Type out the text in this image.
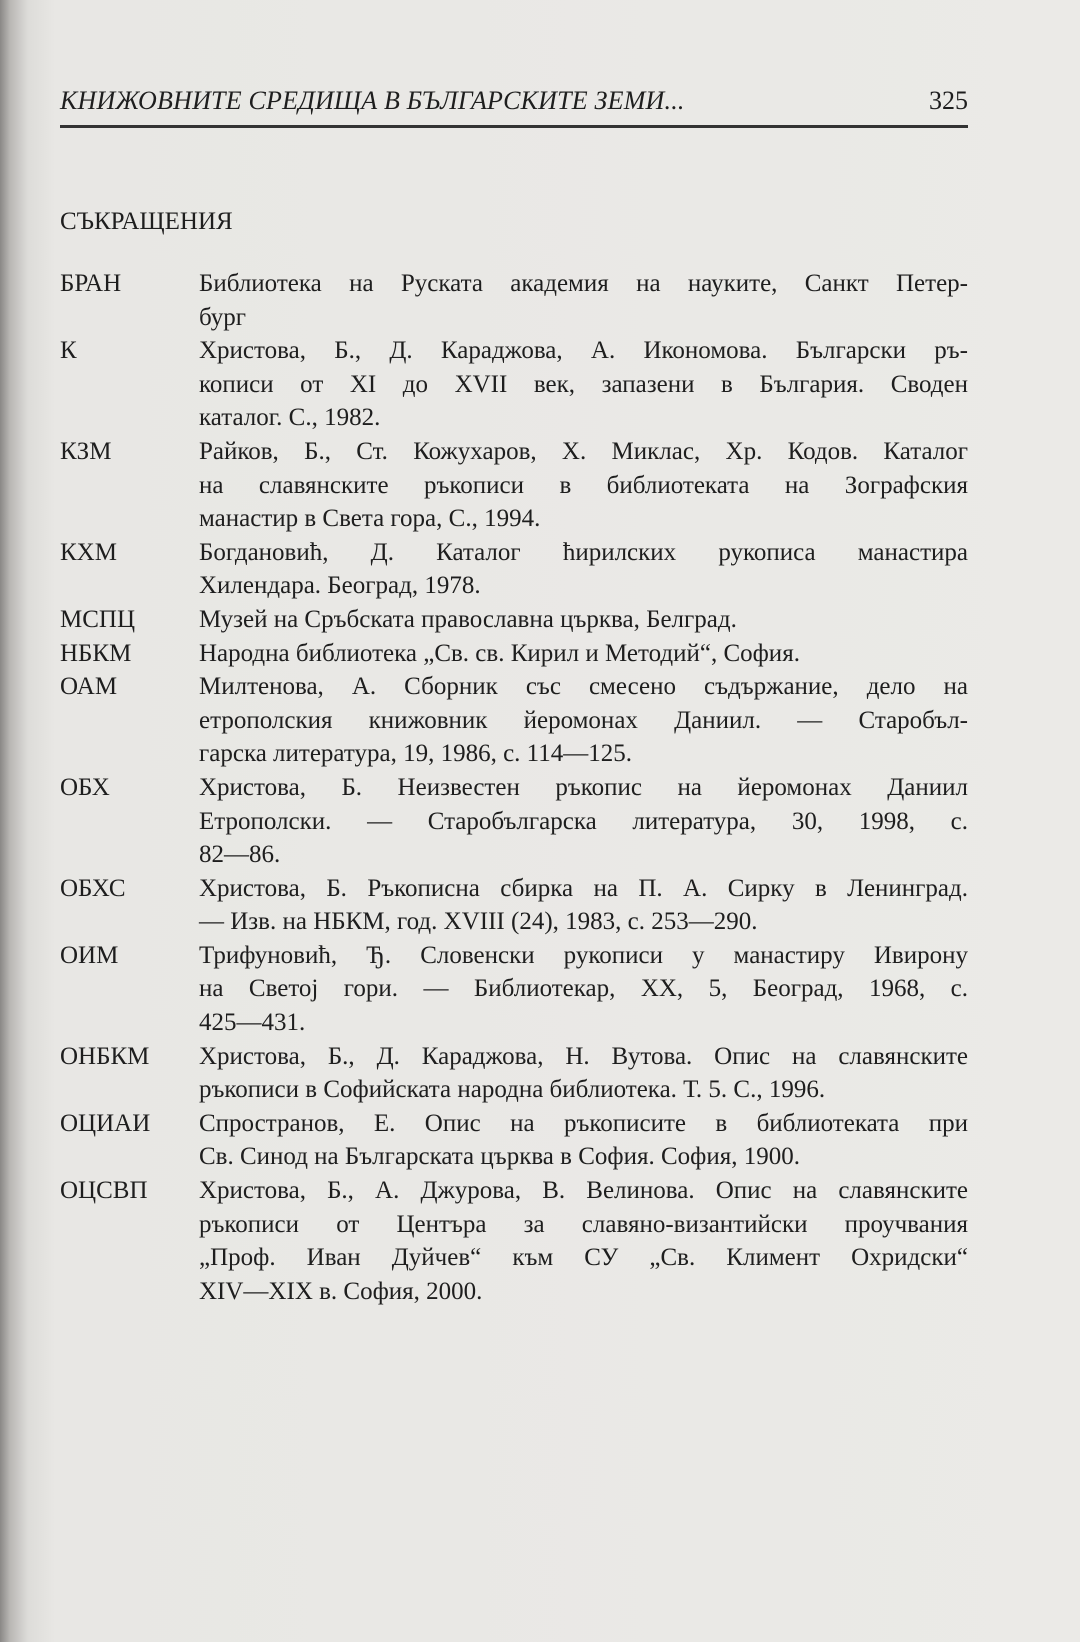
КНИЖОВНИТЕ СРЕДИЩА В БЪЛГАРСКИТЕ ЗЕМИ...	325
СЪКРАЩЕНИЯ
БРАН	Библиотека на Руската академия на науките, Санкт Петер-
бург
К	Христова, Б., Д. Караджова, А. Икономова. Български ръ-
кописи от XI до XVII век, запазени в България. Своден
каталог. С., 1982.
КЗМ	Райков, Б., Ст. Кожухаров, Х. Миклас, Хр. Кодов. Каталог
на славянските ръкописи в библиотеката на Зографския
манастир в Света гора, С., 1994.
КХМ	Богдановић, Д. Каталог ћирилских рукописа манастира
Хилендара. Београд, 1978.
МСПЦ	Музей на Сръбската православна църква, Белград.
НБКМ	Народна библиотека „Св. св. Кирил и Методий“, София.
ОАМ	Милтенова, А. Сборник със смесено съдържание, дело на
етрополския книжовник йеромонах Даниил. — Старобъл-
гарска литература, 19, 1986, с. 114—125.
ОБХ	Христова, Б. Неизвестен ръкопис на йеромонах Даниил
Етрополски. — Старобългарска литература, 30, 1998, с.
82—86.
ОБХС	Христова, Б. Ръкописна сбирка на П. А. Сирку в Ленинград.
— Изв. на НБКМ, год. XVIII (24), 1983, с. 253—290.
ОИМ	Трифуновић, Ђ. Словенски рукописи у манастиру Ивирону
на Светој гори. — Библиотекар, XX, 5, Београд, 1968, с.
425—431.
ОНБКМ	Христова, Б., Д. Караджова, Н. Вутова. Опис на славянските
ръкописи в Софийската народна библиотека. Т. 5. С., 1996.
ОЦИАИ	Спространов, Е. Опис на ръкописите в библиотеката при
Св. Синод на Българската църква в София. София, 1900.
ОЦСВП	Христова, Б., А. Джурова, В. Велинова. Опис на славянските
ръкописи от Центъра за славяно-византийски проучвания
„Проф. Иван Дуйчев“ към СУ „Св. Климент Охридски“
XIV—XIX в. София, 2000.
